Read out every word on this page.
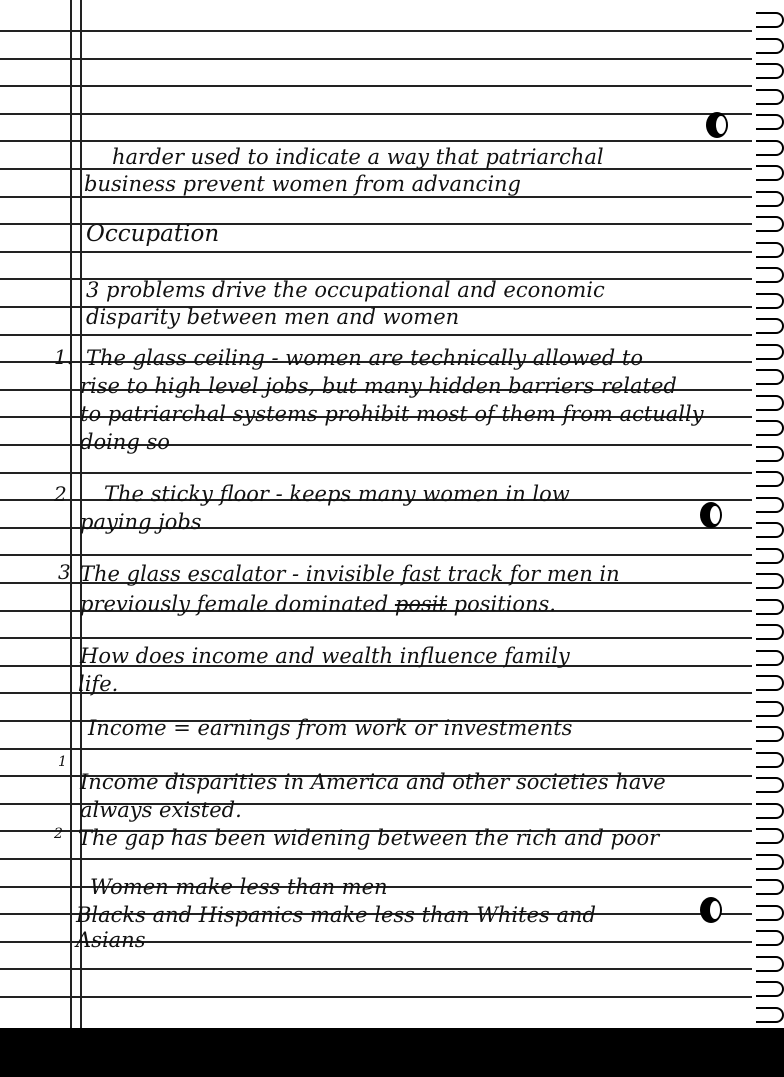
harder used to indicate a way that patriarchal
business prevent women from advancing
Occupation
3 problems drive the occupational and economic
disparity between men and women
1. The glass ceiling - women are technically allowed to
rise to high level jobs, but many hidden barriers related
to patriarchal systems prohibit most of them from actually
doing so
2 The sticky floor - keeps many women in low
paying jobs
3 The glass escalator - invisible fast track for men in
previously female dominated posit positions.
How does income and wealth influence family
life.
Income = earnings from work or investments
1
Income disparities in America and other societies have
always existed.
2 The gap has been widening between the rich and poor
Women make less than men
Blacks and Hispanics make less than Whites and
Asians
